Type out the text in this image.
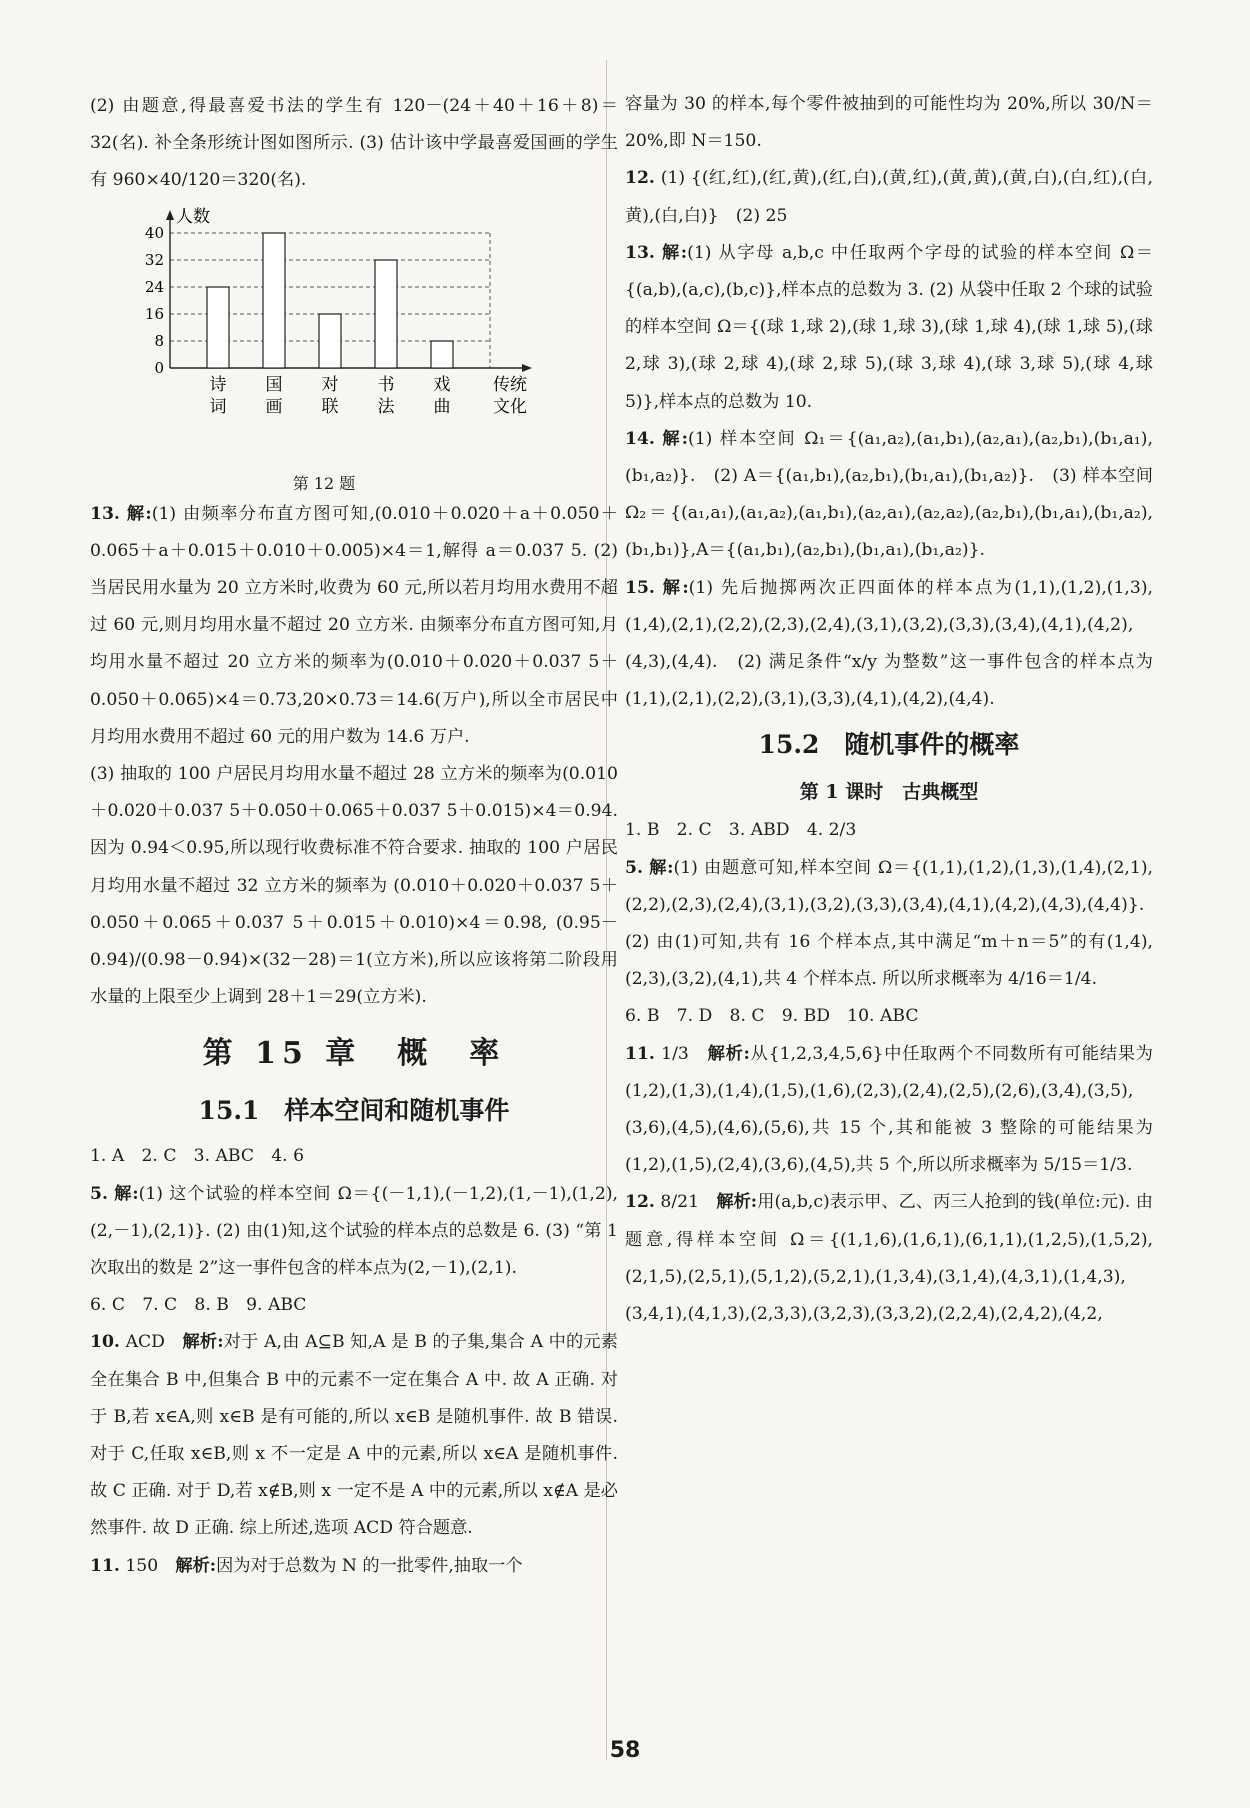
(2) 由题意,得最喜爱书法的学生有 120－(24＋40＋16＋8)＝32(名). 补全条形统计图如图所示. (3) 估计该中学最喜爱国画的学生有 960×40/120＝320(名).

0
8
16
24
32
40
人数
诗
词
国
画
对
联
书
法
戏
曲
传统
文化
第 12 题

13. 解:(1) 由频率分布直方图可知,(0.010＋0.020＋a＋0.050＋0.065＋a＋0.015＋0.010＋0.005)×4＝1,解得 a＝0.037 5. (2) 当居民用水量为 20 立方米时,收费为 60 元,所以若月均用水费用不超过 60 元,则月均用水量不超过 20 立方米. 由频率分布直方图可知,月均用水量不超过 20 立方米的频率为(0.010＋0.020＋0.037 5＋0.050＋0.065)×4＝0.73,20×0.73＝14.6(万户),所以全市居民中月均用水费用不超过 60 元的用户数为 14.6 万户.

(3) 抽取的 100 户居民月均用水量不超过 28 立方米的频率为(0.010＋0.020＋0.037 5＋0.050＋0.065＋0.037 5＋0.015)×4＝0.94. 因为 0.94＜0.95,所以现行收费标准不符合要求. 抽取的 100 户居民月均用水量不超过 32 立方米的频率为 (0.010＋0.020＋0.037 5＋0.050＋0.065＋0.037 5＋0.015＋0.010)×4＝0.98, (0.95－0.94)/(0.98－0.94)×(32－28)＝1(立方米),所以应该将第二阶段用水量的上限至少上调到 28＋1＝29(立方米).

第 15 章　概　率
15.1　样本空间和随机事件

1. A　2. C　3. ABC　4. 6

5. 解:(1) 这个试验的样本空间 Ω＝{(－1,1),(－1,2),(1,－1),(1,2),(2,－1),(2,1)}. (2) 由(1)知,这个试验的样本点的总数是 6. (3) “第 1 次取出的数是 2”这一事件包含的样本点为(2,－1),(2,1).

6. C　7. C　8. B　9. ABC

10. ACD　 解析:对于 A,由 A⊆B 知,A 是 B 的子集,集合 A 中的元素全在集合 B 中,但集合 B 中的元素不一定在集合 A 中. 故 A 正确. 对于 B,若 x∈A,则 x∈B 是有可能的,所以 x∈B 是随机事件. 故 B 错误. 对于 C,任取 x∈B,则 x 不一定是 A 中的元素,所以 x∈A 是随机事件. 故 C 正确. 对于 D,若 x∉B,则 x 一定不是 A 中的元素,所以 x∉A 是必然事件. 故 D 正确. 综上所述,选项 ACD 符合题意.

11. 150　 解析:因为对于总数为 N 的一批零件,抽取一个

容量为 30 的样本,每个零件被抽到的可能性均为 20%,所以 30/N＝20%,即 N＝150.

12. (1) {(红,红),(红,黄),(红,白),(黄,红),(黄,黄),(黄,白),(白,红),(白,黄),(白,白)}　(2) 25

13. 解:(1) 从字母 a,b,c 中任取两个字母的试验的样本空间 Ω＝{(a,b),(a,c),(b,c)},样本点的总数为 3. (2) 从袋中任取 2 个球的试验的样本空间 Ω＝{(球 1,球 2),(球 1,球 3),(球 1,球 4),(球 1,球 5),(球 2,球 3),(球 2,球 4),(球 2,球 5),(球 3,球 4),(球 3,球 5),(球 4,球 5)},样本点的总数为 10.

14. 解:(1) 样本空间 Ω₁＝{(a₁,a₂),(a₁,b₁),(a₂,a₁),(a₂,b₁),(b₁,a₁),(b₁,a₂)}.　(2) A＝{(a₁,b₁),(a₂,b₁),(b₁,a₁),(b₁,a₂)}.　(3) 样本空间 Ω₂＝{(a₁,a₁),(a₁,a₂),(a₁,b₁),(a₂,a₁),(a₂,a₂),(a₂,b₁),(b₁,a₁),(b₁,a₂),(b₁,b₁)},A＝{(a₁,b₁),(a₂,b₁),(b₁,a₁),(b₁,a₂)}.

15. 解:(1) 先后抛掷两次正四面体的样本点为(1,1),(1,2),(1,3),(1,4),(2,1),(2,2),(2,3),(2,4),(3,1),(3,2),(3,3),(3,4),(4,1),(4,2),(4,3),(4,4).　(2) 满足条件“x/y 为整数”这一事件包含的样本点为(1,1),(2,1),(2,2),(3,1),(3,3),(4,1),(4,2),(4,4).

15.2　随机事件的概率
第 1 课时　古典概型

1. B　2. C　3. ABD　4. 2/3

5. 解:(1) 由题意可知,样本空间 Ω＝{(1,1),(1,2),(1,3),(1,4),(2,1),(2,2),(2,3),(2,4),(3,1),(3,2),(3,3),(3,4),(4,1),(4,2),(4,3),(4,4)}.　(2) 由(1)可知,共有 16 个样本点,其中满足“m＋n＝5”的有(1,4),(2,3),(3,2),(4,1),共 4 个样本点. 所以所求概率为 4/16＝1/4.

6. B　7. D　8. C　9. BD　10. ABC

11. 1/3　 解析:从{1,2,3,4,5,6}中任取两个不同数所有可能结果为(1,2),(1,3),(1,4),(1,5),(1,6),(2,3),(2,4),(2,5),(2,6),(3,4),(3,5),(3,6),(4,5),(4,6),(5,6),共 15 个,其和能被 3 整除的可能结果为(1,2),(1,5),(2,4),(3,6),(4,5),共 5 个,所以所求概率为 5/15＝1/3.

12. 8/21　 解析:用(a,b,c)表示甲、乙、丙三人抢到的钱(单位:元). 由题意,得样本空间 Ω＝{(1,1,6),(1,6,1),(6,1,1),(1,2,5),(1,5,2),(2,1,5),(2,5,1),(5,1,2),(5,2,1),(1,3,4),(3,1,4),(4,3,1),(1,4,3),(3,4,1),(4,1,3),(2,3,3),(3,2,3),(3,3,2),(2,2,4),(2,4,2),(4,2,

58
